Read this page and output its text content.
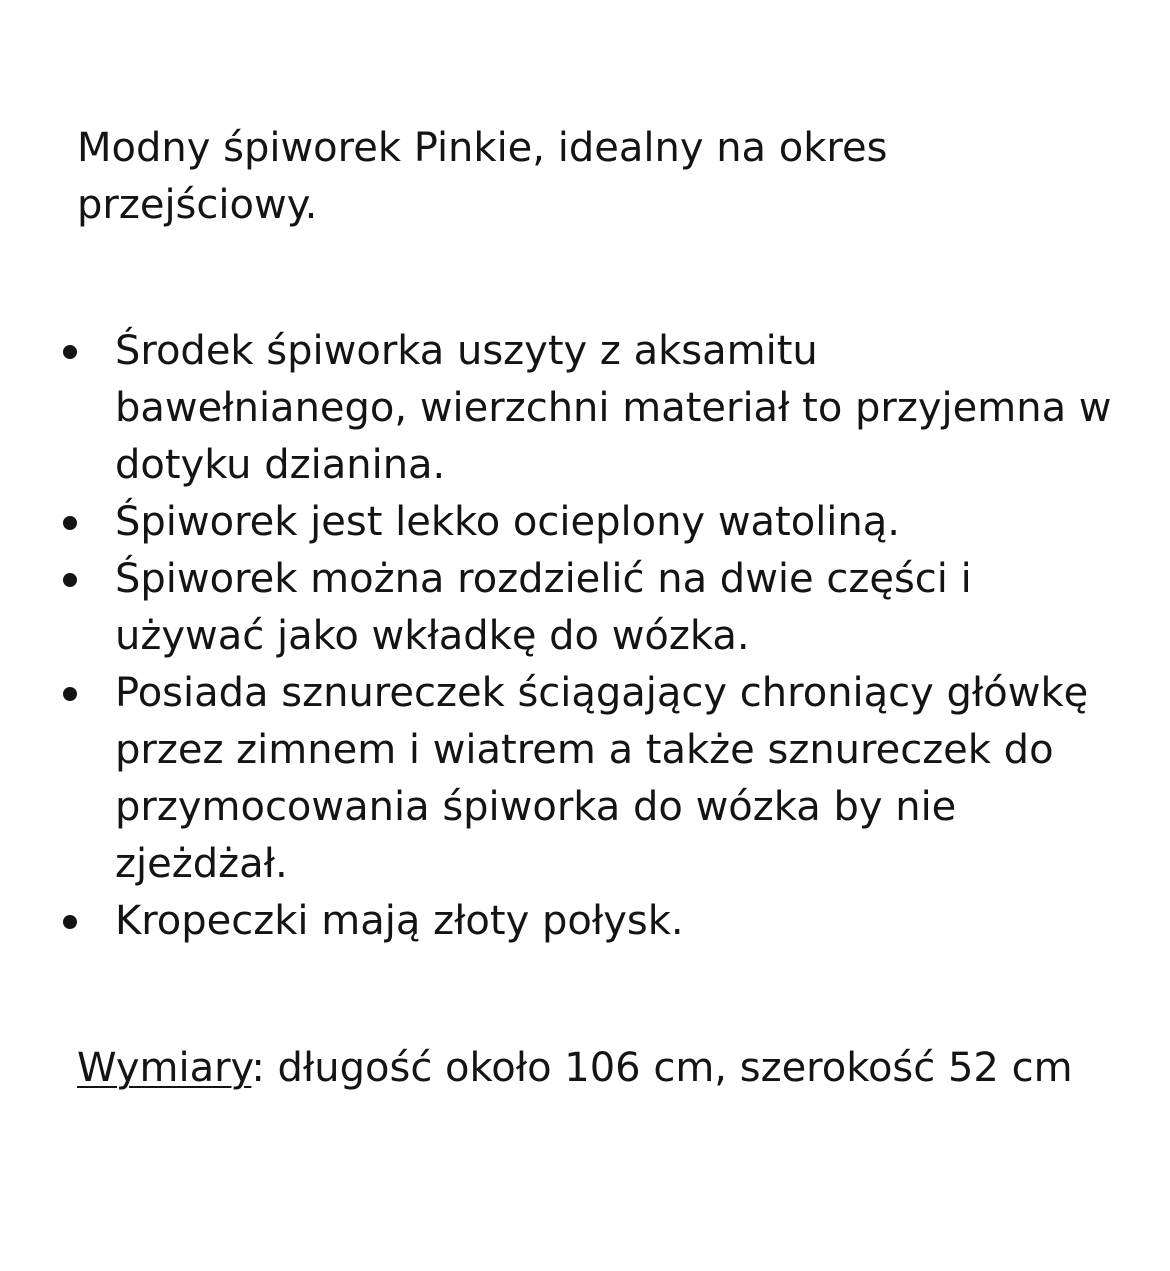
Modny śpiworek Pinkie, idealny na okres przejściowy.

Środek śpiworka uszyty z aksamitu bawełnianego, wierzchni materiał to przyjemna w dotyku dzianina.
Śpiworek jest lekko ocieplony watoliną.
Śpiworek można rozdzielić na dwie części i używać jako wkładkę do wózka.
Posiada sznureczek ściągający chroniący główkę przez zimnem i wiatrem a także sznureczek do przymocowania śpiworka do wózka by nie zjeżdżał.
Kropeczki mają złoty połysk.

Wymiary: długość około 106 cm, szerokość 52 cm
